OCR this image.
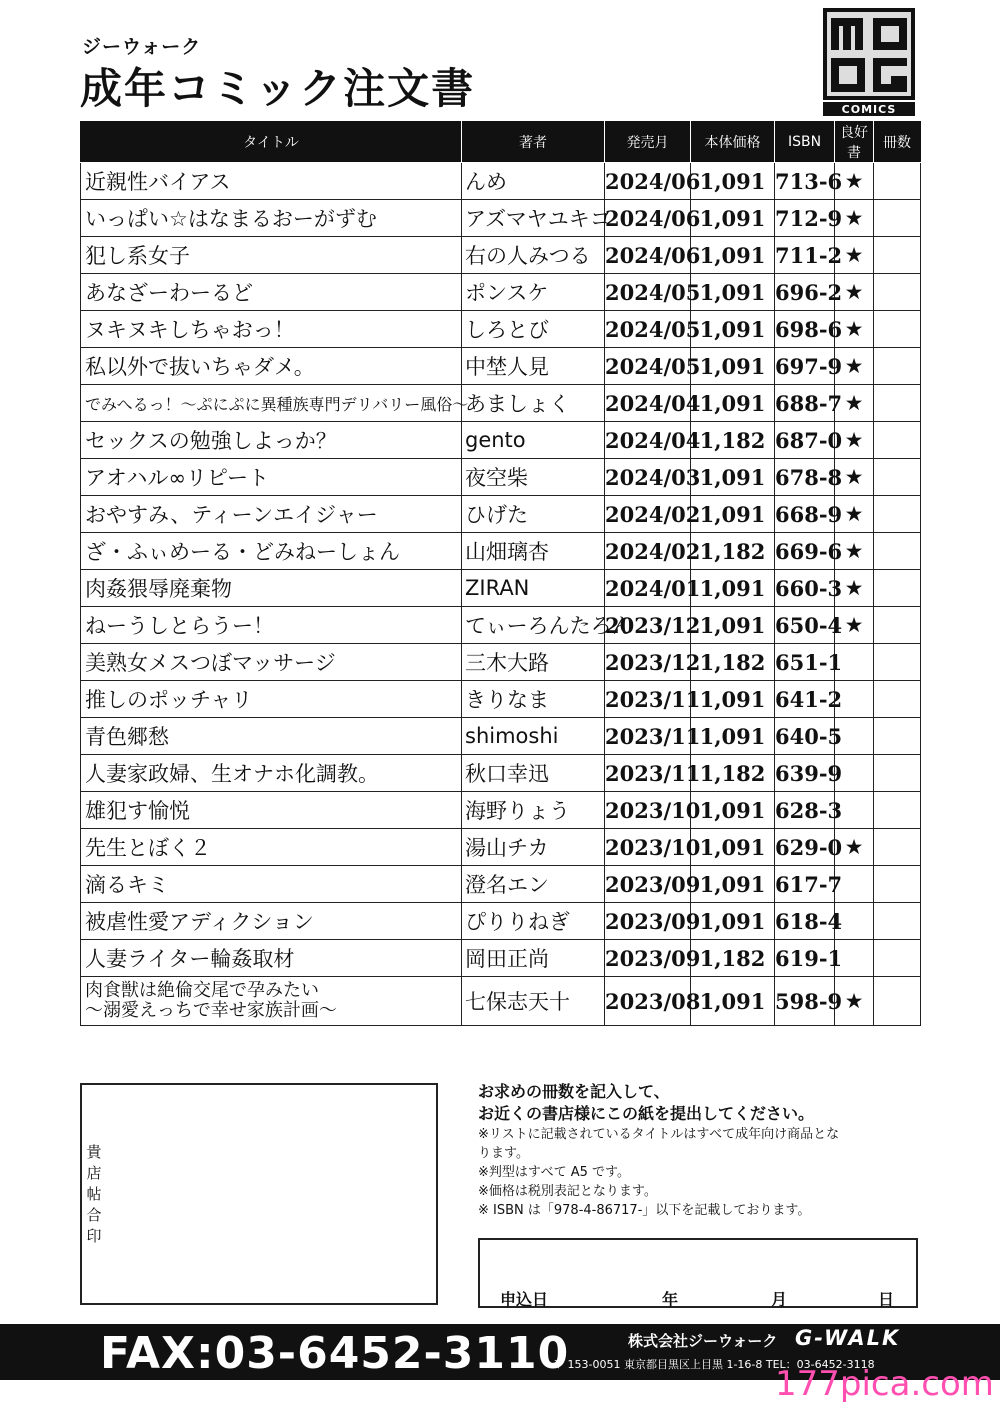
ジーウォーク
成年コミック注文書	COMICS
タイトル	著者	発売月	本体価格	ISBN	良好書	冊数
近親性バイアス	んめ	2024/06	1,091	713-6	★	
いっぱい☆はなまるおーがずむ	アズマヤユキコ	2024/06	1,091	712-9	★	
犯し系女子	右の人みつる	2024/06	1,091	711-2	★	
あなざーわーるど	ポンスケ	2024/05	1,091	696-2	★	
ヌキヌキしちゃおっ！	しろとび	2024/05	1,091	698-6	★	
私以外で抜いちゃダメ。	中埜人見	2024/05	1,091	697-9	★	
でみへるっ！～ぷにぷに異種族専門デリバリー風俗～	あましょく	2024/04	1,091	688-7	★	
セックスの勉強しよっか？	gento	2024/04	1,182	687-0	★	
アオハル∞リピート	夜空柴	2024/03	1,091	678-8	★	
おやすみ、ティーンエイジャー	ひげた	2024/02	1,091	668-9	★	
ざ・ふぃめーる・どみねーしょん	山畑璃杏	2024/02	1,182	669-6	★	
肉姦猥辱廃棄物	ZIRAN	2024/01	1,091	660-3	★	
ねーうしとらうー！	てぃーろんたろん	2023/12	1,091	650-4	★	
美熟女メスつぼマッサージ	三木大路	2023/12	1,182	651-1		
推しのポッチャリ	きりなま	2023/11	1,091	641-2		
青色郷愁	shimoshi	2023/11	1,091	640-5		
人妻家政婦、生オナホ化調教。	秋口幸迅	2023/11	1,182	639-9		
雄犯す愉悦	海野りょう	2023/10	1,091	628-3		
先生とぼく２	湯山チカ	2023/10	1,091	629-0	★	
滴るキミ	澄名エン	2023/09	1,091	617-7		
被虐性愛アディクション	ぴりりねぎ	2023/09	1,091	618-4		
人妻ライター輪姦取材	岡田正尚	2023/09	1,182	619-1		

肉食獣は絶倫交尾で孕みたい
～溺愛えっちで幸せ家族計画～	七保志天十	2023/08	1,091	598-9	★	
貴
店
帖
合
印
お求めの冊数を記入して、
お近くの書店様にこの紙を提出してください。
※リストに記載されているタイトルはすべて成年向け商品とな
ります。
※判型はすべて A5 です。
※価格は税別表記となります。
※ ISBN は「978-4-86717-」以下を記載しております。
申込日	年	月	日
FAX:03-6452-3110	株式会社ジーウォーク G-WALK
〒 153-0051 東京都目黒区上目黒 1-16-8 TEL：03-6452-3118
177pica.com
